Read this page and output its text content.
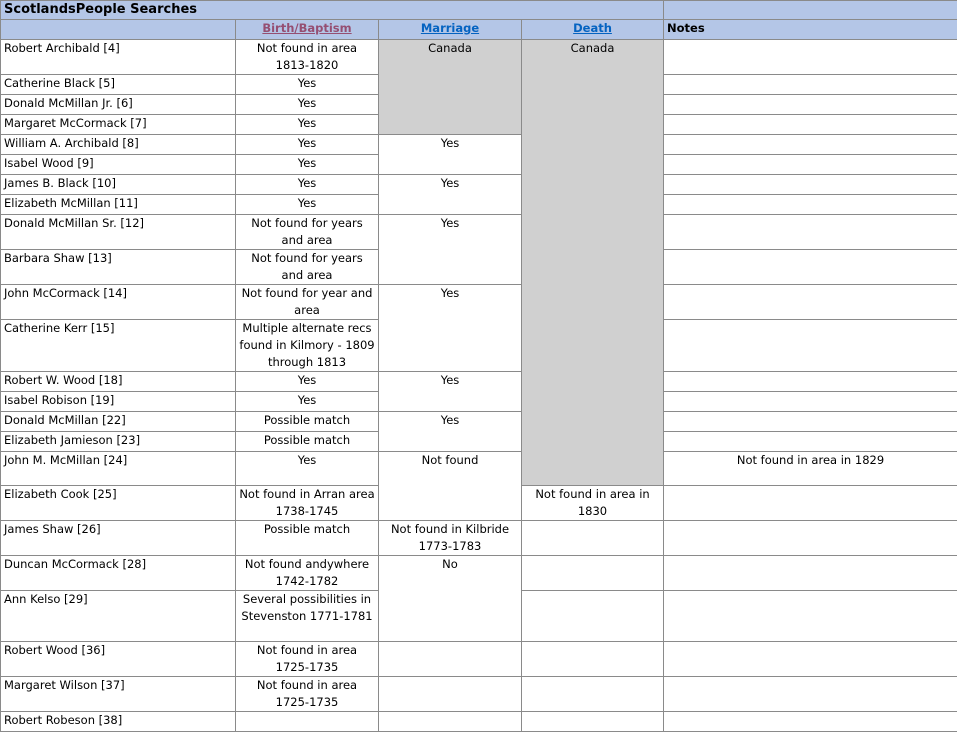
ScotlandsPeople Searches					
	Birth/Baptism	Marriage	Death	Notes	
Robert Archibald [4]	Not found in area 1813-1820	Canada	Canada		
Catherine Black [5]	Yes				
Donald McMillan Jr. [6]	Yes				
Margaret McCormack [7]	Yes				
William A. Archibald [8]	Yes	Yes			
Isabel Wood [9]	Yes				
James B. Black [10]	Yes	Yes			
Elizabeth McMillan [11]	Yes				
Donald McMillan Sr. [12]	Not found for years and area	Yes			
Barbara Shaw [13]	Not found for years and area				
John McCormack [14]	Not found for year and area	Yes			
Catherine Kerr [15]	Multiple alternate recs found in Kilmory - 1809 through 1813				
Robert W. Wood [18]	Yes	Yes			
Isabel Robison [19]	Yes				
Donald McMillan [22]	Possible match	Yes			
Elizabeth Jamieson [23]	Possible match				
John M. McMillan [24]	Yes	Not found		Not found in area in 1829	
Elizabeth Cook [25]	Not found in Arran area 1738-1745		Not found in area in 1830		
James Shaw [26]	Possible match	Not found in Kilbride 1773-1783			
Duncan McCormack [28]	Not found andywhere 1742-1782	No			
Ann Kelso [29]	Several possibilities in Stevenston 1771-1781				
Robert Wood [36]	Not found in area 1725-1735				
Margaret Wilson [37]	Not found in area 1725-1735				
Robert Robeson [38]					
